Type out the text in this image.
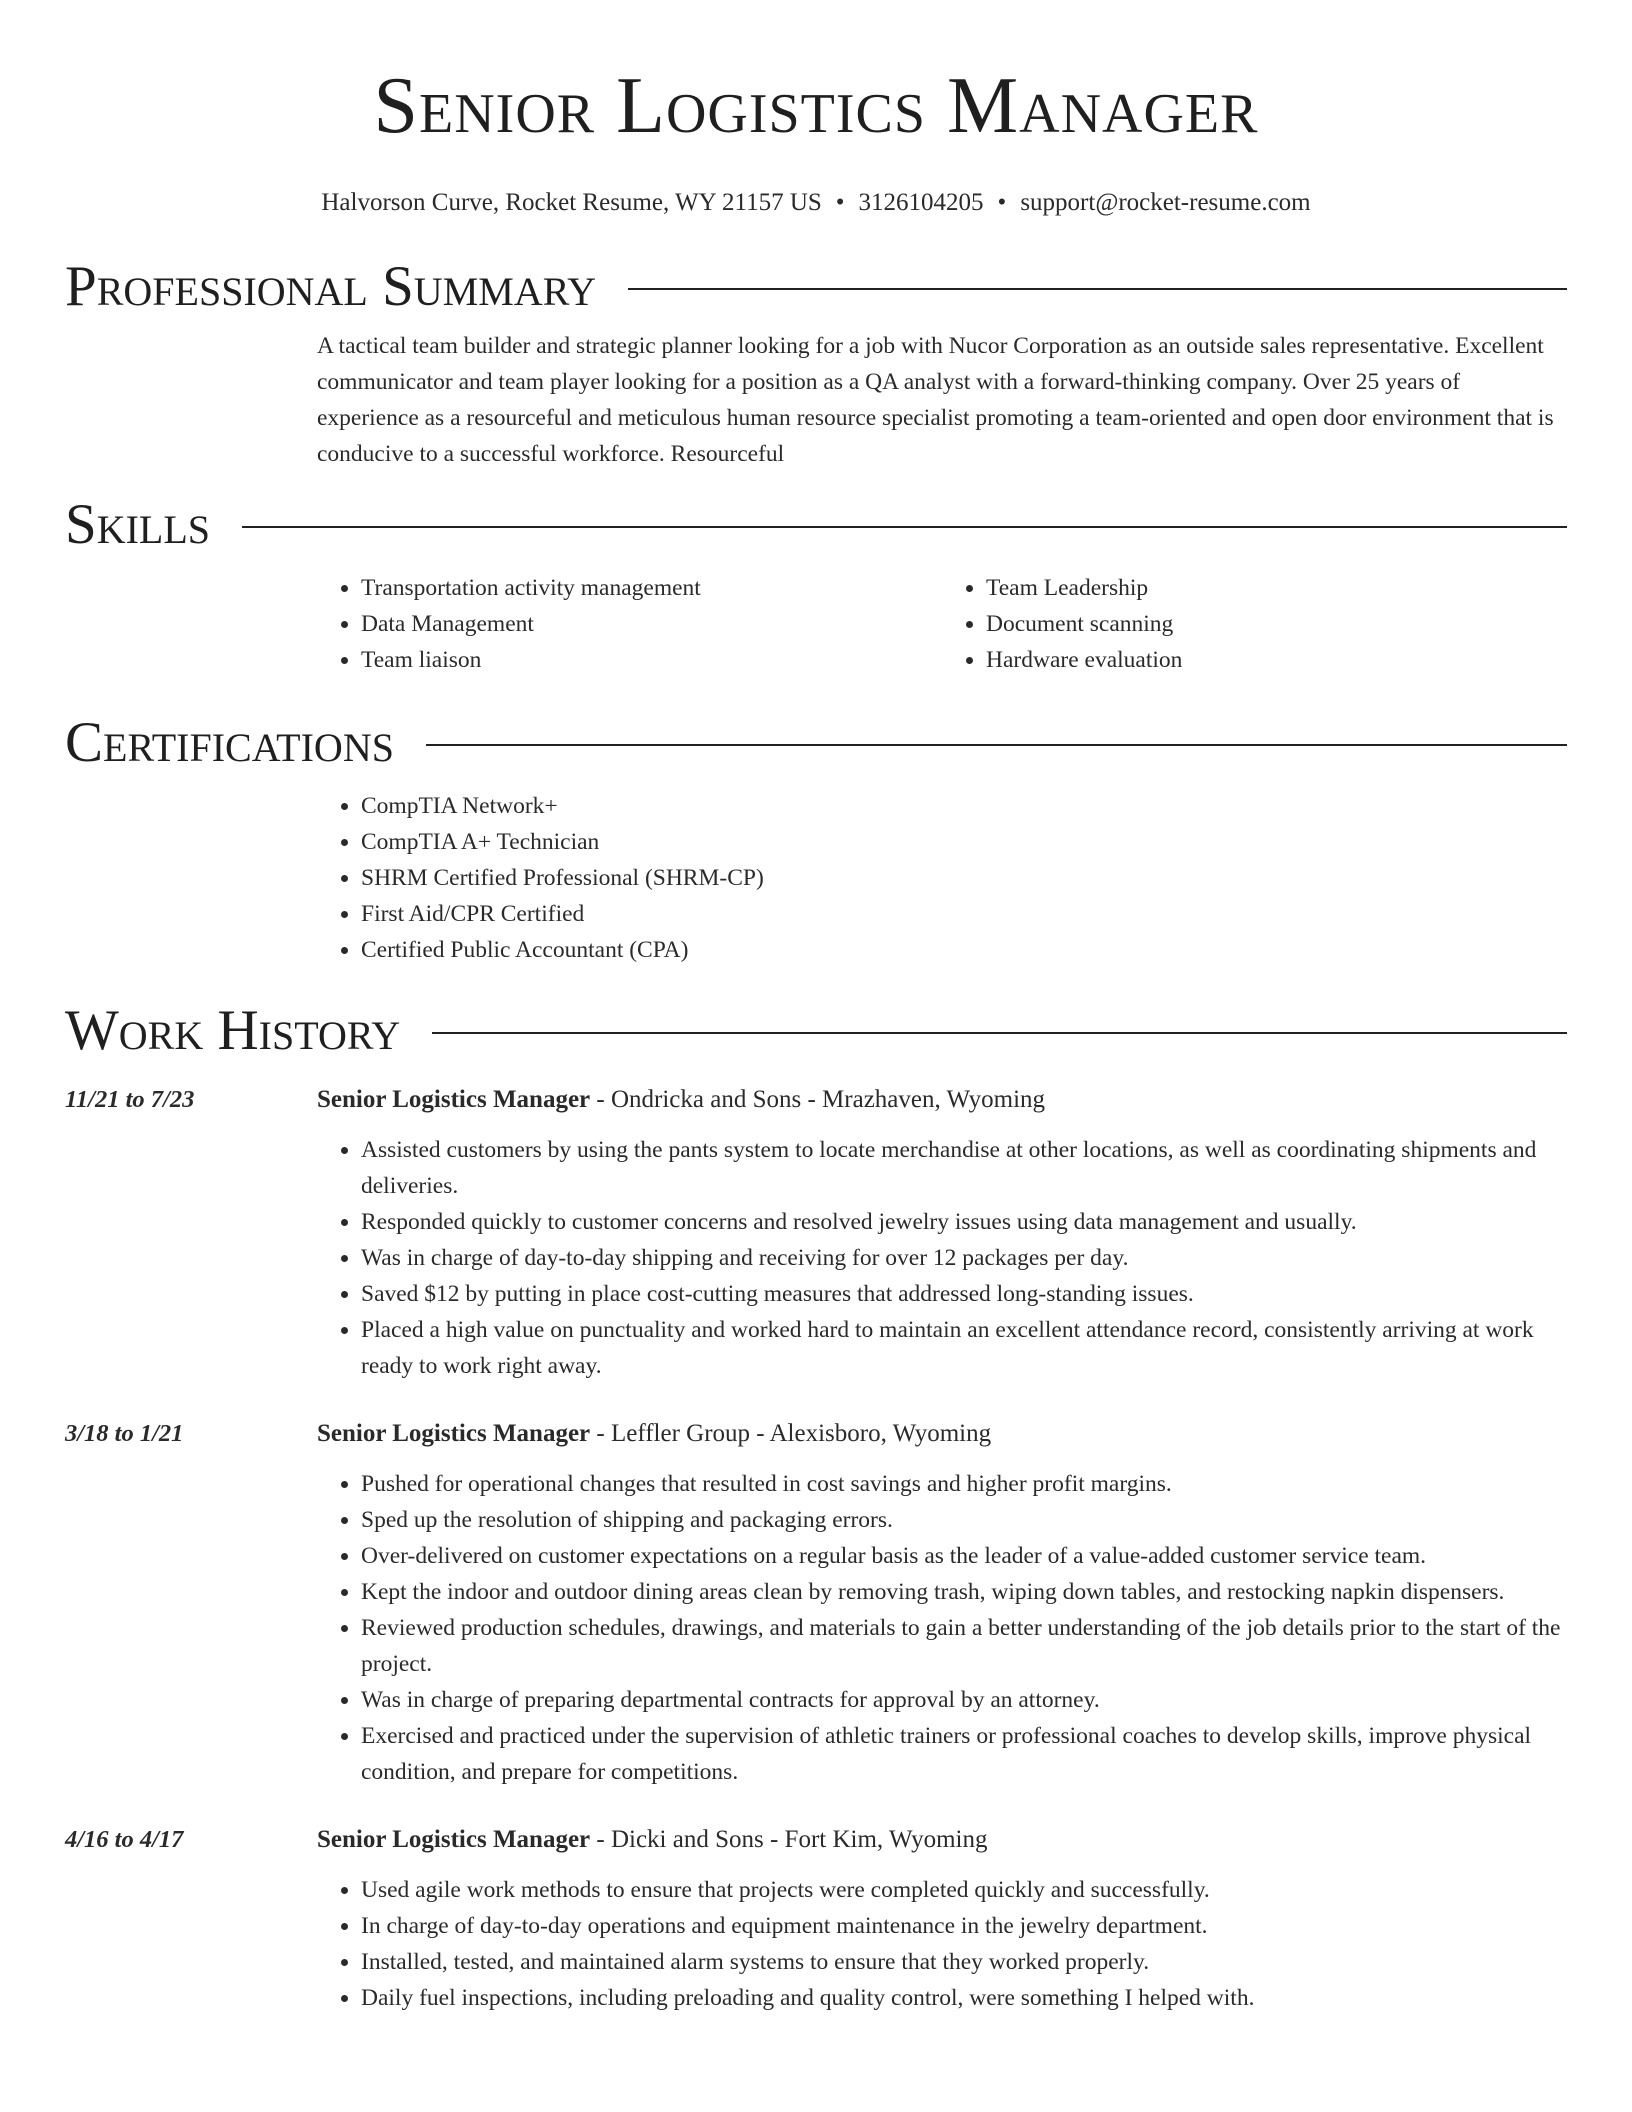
Senior Logistics Manager
Halvorson Curve, Rocket Resume, WY 21157 US • 3126104205 • support@rocket-resume.com
Professional Summary
A tactical team builder and strategic planner looking for a job with Nucor Corporation as an outside sales representative. Excellent communicator and team player looking for a position as a QA analyst with a forward-thinking company. Over 25 years of experience as a resourceful and meticulous human resource specialist promoting a team-oriented and open door environment that is conducive to a successful workforce. Resourceful
Skills
• Transportation activity management
• Data Management
• Team liaison
• Team Leadership
• Document scanning
• Hardware evaluation
Certifications
• CompTIA Network+
• CompTIA A+ Technician
• SHRM Certified Professional (SHRM-CP)
• First Aid/CPR Certified
• Certified Public Accountant (CPA)
Work History
11/21 to 7/23	Senior Logistics Manager - Ondricka and Sons - Mrazhaven, Wyoming
• Assisted customers by using the pants system to locate merchandise at other locations, as well as coordinating shipments and deliveries.
• Responded quickly to customer concerns and resolved jewelry issues using data management and usually.
• Was in charge of day-to-day shipping and receiving for over 12 packages per day.
• Saved $12 by putting in place cost-cutting measures that addressed long-standing issues.
• Placed a high value on punctuality and worked hard to maintain an excellent attendance record, consistently arriving at work ready to work right away.
3/18 to 1/21	Senior Logistics Manager - Leffler Group - Alexisboro, Wyoming
• Pushed for operational changes that resulted in cost savings and higher profit margins.
• Sped up the resolution of shipping and packaging errors.
• Over-delivered on customer expectations on a regular basis as the leader of a value-added customer service team.
• Kept the indoor and outdoor dining areas clean by removing trash, wiping down tables, and restocking napkin dispensers.
• Reviewed production schedules, drawings, and materials to gain a better understanding of the job details prior to the start of the project.
• Was in charge of preparing departmental contracts for approval by an attorney.
• Exercised and practiced under the supervision of athletic trainers or professional coaches to develop skills, improve physical condition, and prepare for competitions.
4/16 to 4/17	Senior Logistics Manager - Dicki and Sons - Fort Kim, Wyoming
• Used agile work methods to ensure that projects were completed quickly and successfully.
• In charge of day-to-day operations and equipment maintenance in the jewelry department.
• Installed, tested, and maintained alarm systems to ensure that they worked properly.
• Daily fuel inspections, including preloading and quality control, were something I helped with.
